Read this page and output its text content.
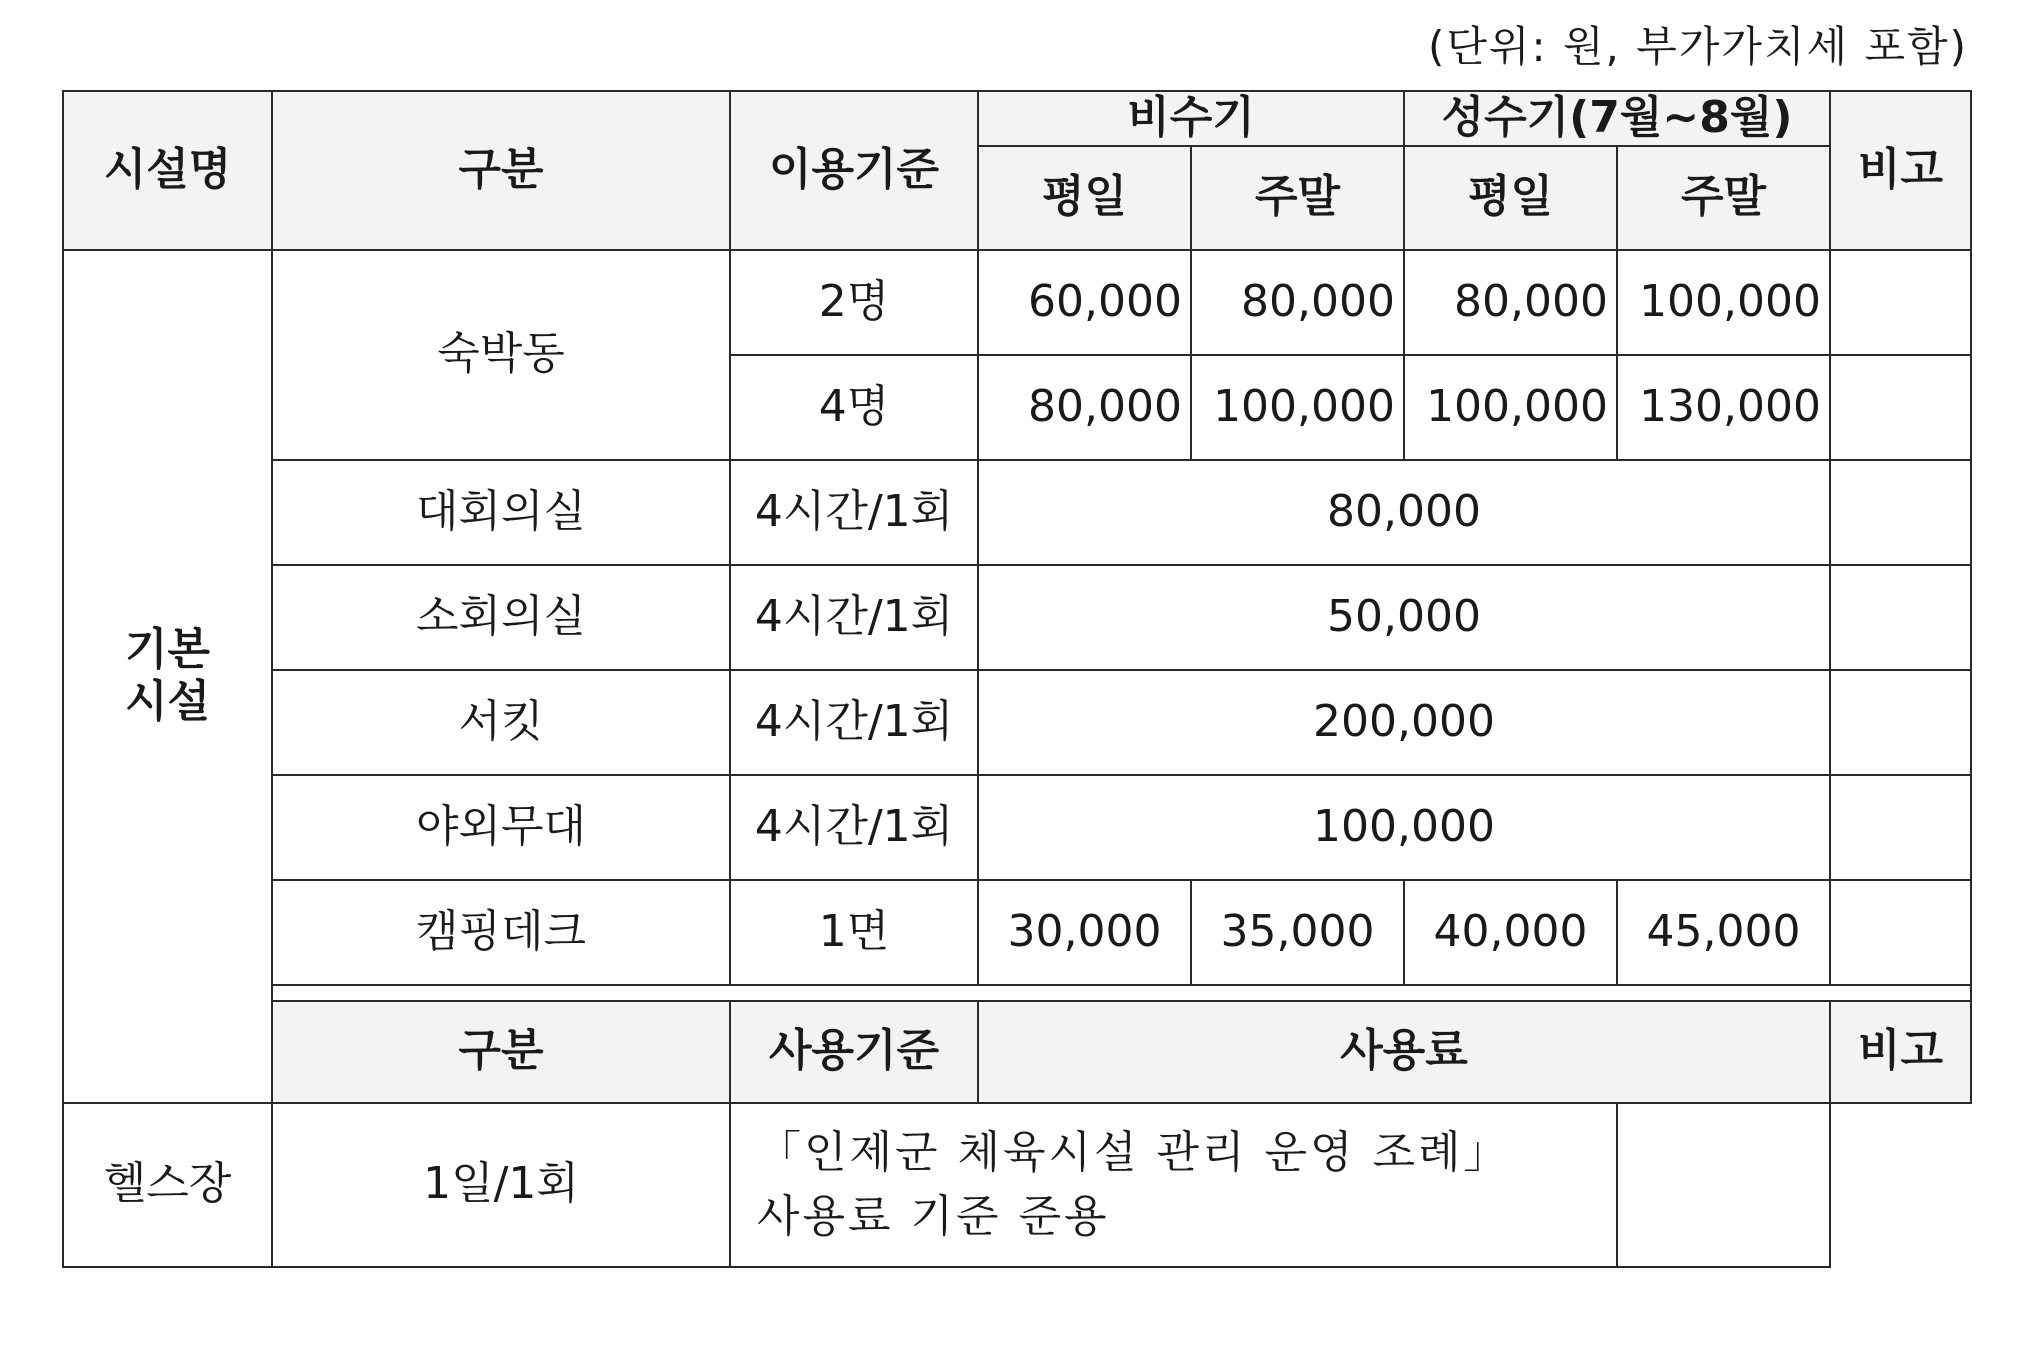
(단위: 원, 부가가치세 포함)
시설명	구분	이용기준	비수기		성수기(7월∼8월)		비고
			평일	주말	평일	주말	

기본
시설	숙박동	2명	60,000	80,000	80,000	100,000	
		4명	80,000	100,000	100,000	130,000	
	대회의실	4시간/1회	80,000				
	소회의실	4시간/1회	50,000				
	서킷	4시간/1회	200,000				
	야외무대	4시간/1회	100,000				
	캠핑데크	1면	30,000	35,000	40,000	45,000	

	구분	사용기준	사용료				비고
헬스장	1일/1회	「인제군 체육시설 관리 운영 조례」
사용료 기준 준용					
